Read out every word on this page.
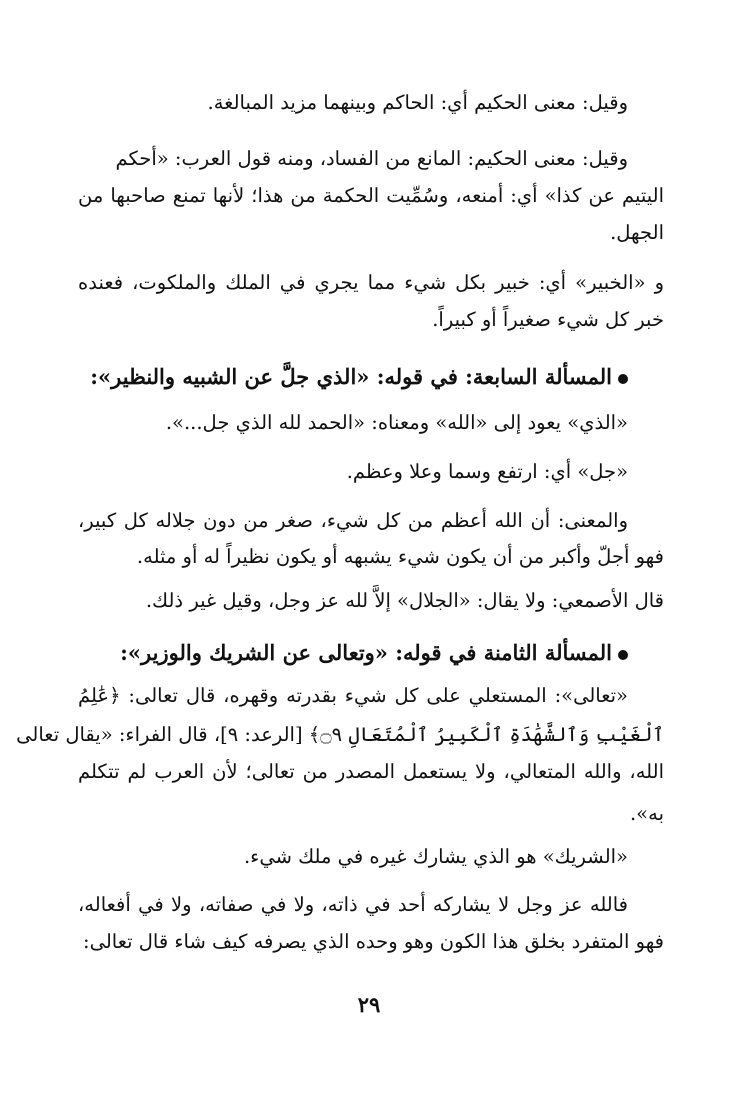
وقيل: معنى الحكيم أي: الحاكم وبينهما مزيد المبالغة.
وقيل: معنى الحكيم: المانع من الفساد، ومنه قول العرب: «أحكم
اليتيم عن كذا» أي: أمنعه، وسُمِّيت الحكمة من هذا؛ لأنها تمنع صاحبها من
الجهل.
و «الخبير» أي: خبير بكل شيء مما يجري في الملك والملكوت، فعنده
خبر كل شيء صغيراً أو كبيراً.
المسألة السابعة: في قوله: «الذي جلَّ عن الشبيه والنظير»:
«الذي» يعود إلى «الله» ومعناه: «الحمد لله الذي جل...».
«جل» أي: ارتفع وسما وعلا وعظم.
والمعنى: أن الله أعظم من كل شيء، صغر من دون جلاله كل كبير،
فهو أجلّ وأكبر من أن يكون شيء يشبهه أو يكون نظيراً له أو مثله.
قال الأصمعي: ولا يقال: «الجلال» إلاَّ لله عز وجل، وقيل غير ذلك.
المسألة الثامنة في قوله: «وتعالى عن الشريك والوزير»:
«تعالى»: المستعلي على كل شيء بقدرته وقهره، قال تعالى: ﴿عَٰلِمُ
ٱلْغَيْبِ وَٱلشَّهَٰدَةِ ٱلْكَبِيرُ ٱلْمُتَعَالِ ۝٩﴾ [الرعد: ٩]، قال الفراء: «يقال تعالى
الله، والله المتعالي، ولا يستعمل المصدر من تعالى؛ لأن العرب لم تتكلم
به».
«الشريك» هو الذي يشارك غيره في ملك شيء.
فالله عز وجل لا يشاركه أحد في ذاته، ولا في صفاته، ولا في أفعاله،
فهو المتفرد بخلق هذا الكون وهو وحده الذي يصرفه كيف شاء قال تعالى:
٢٩
